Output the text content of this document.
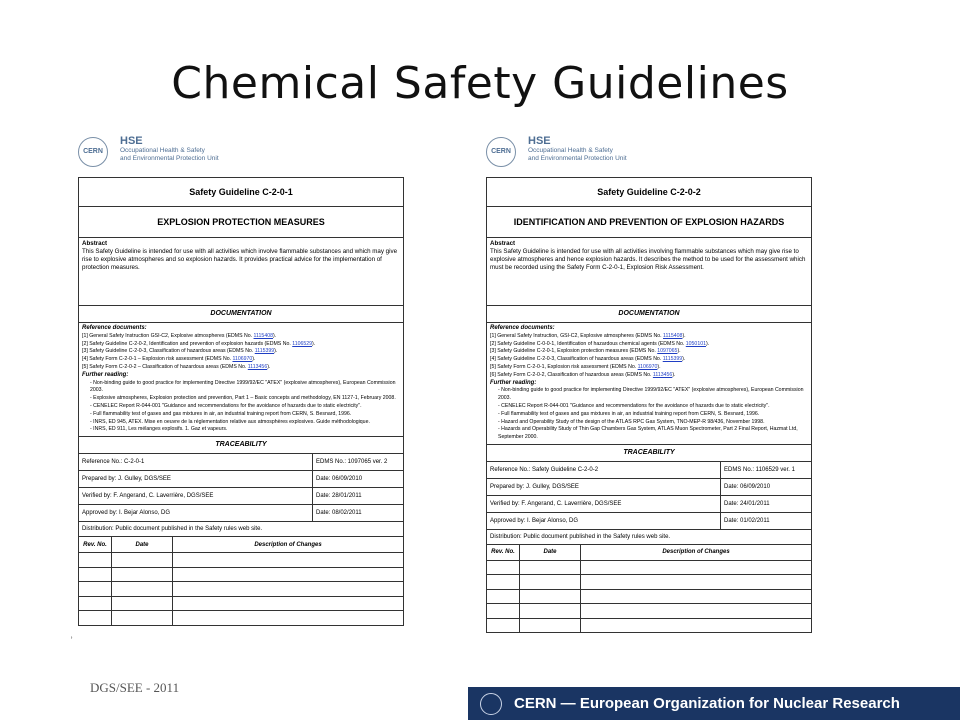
Chemical Safety Guidelines
CERN
HSE
Occupational Health & Safety
and Environmental Protection Unit
Safety Guideline C-2-0-1
EXPLOSION PROTECTION MEASURES
Abstract
This Safety Guideline is intended for use with all activities which involve flammable substances and which may give rise to explosive atmospheres and so explosion hazards. It provides practical advice for the implementation of protection measures.
DOCUMENTATION
Reference documents:
[1] General Safety Instruction GSI-C2, Explosive atmospheres (EDMS No. 1115408).
[2] Safety Guideline C-2-0-2, Identification and prevention of explosion hazards (EDMS No. 1106529).
[3] Safety Guideline C-2-0-3, Classification of hazardous areas (EDMS No. 1115399).
[4] Safety Form C-2-0-1 – Explosion risk assessment (EDMS No. 1106970).
[5] Safety Form C-2-0-2 – Classification of hazardous areas (EDMS No. 1113456).
Further reading:
- Non-binding guide to good practice for implementing Directive 1999/92/EC "ATEX" (explosive atmospheres), European Commission 2003.
- Explosive atmospheres, Explosion protection and prevention, Part 1 – Basic concepts and methodology, EN 1127-1, February 2008.
- CENELEC Report R-044-001 "Guidance and recommendations for the avoidance of hazards due to static electricity".
- Full flammability test of gases and gas mixtures in air, an industrial training report from CERN, S. Besnard, 1996.
- INRS, ED 945, ATEX. Mise en oeuvre de la réglementation relative aux atmosphères explosives. Guide méthodologique.
- INRS, ED 911, Les mélanges explosifs. 1. Gaz et vapeurs.
TRACEABILITY
Reference No.: C-2-0-1	EDMS No.: 1097065 ver. 2
Prepared by: J. Gulley, DGS/SEE	Date: 06/09/2010
Verified by: F. Angerand, C. Laverrière, DGS/SEE	Date: 28/01/2011
Approved by: I. Bejar Alonso, DG	Date: 08/02/2011
Distribution: Public document published in the Safety rules web site.
Rev. No.	Date	Description of Changes

CERN
HSE
Occupational Health & Safety
and Environmental Protection Unit
Safety Guideline C-2-0-2
IDENTIFICATION AND PREVENTION OF EXPLOSION HAZARDS
Abstract
This Safety Guideline is intended for use with all activities involving flammable substances which may give rise to explosive atmospheres and hence explosion hazards. It describes the method to be used for the assessment which must be recorded using the Safety Form C-2-0-1, Explosion Risk Assessment.
DOCUMENTATION
Reference documents:
[1] General Safety Instruction, GSI-C2, Explosive atmospheres (EDMS No. 1115408).
[2] Safety Guideline C-0-0-1, Identification of hazardous chemical agents (EDMS No. 1050101).
[3] Safety Guideline C-2-0-1, Explosion protection measures (EDMS No. 1097065).
[4] Safety Guideline C-2-0-3, Classification of hazardous areas (EDMS No. 1115399).
[5] Safety Form C-2-0-1, Explosion risk assessment (EDMS No. 1106970).
[6] Safety Form C-2-0-2, Classification of hazardous areas (EDMS No. 1113456).
Further reading:
- Non-binding guide to good practice for implementing Directive 1999/92/EC "ATEX" (explosive atmospheres), European Commission 2003.
- CENELEC Report R-044-001 "Guidance and recommendations for the avoidance of hazards due to static electricity".
- Full flammability test of gases and gas mixtures in air, an industrial training report from CERN, S. Besnard, 1996.
- Hazard and Operability Study of the design of the ATLAS RPC Gas System, TNO-MEP-R 98/436, November 1998.
- Hazards and Operability Study of Thin Gap Chambers Gas System, ATLAS Muon Spectrometer, Part 2 Final Report, Hazmat Ltd, September 2000.
TRACEABILITY
Reference No.: Safety Guideline C-2-0-2	EDMS No.: 1106529 ver. 1
Prepared by: J. Gulley, DGS/SEE	Date: 06/09/2010
Verified by: F. Angerand, C. Laverrière, DGS/SEE	Date: 24/01/2011
Approved by: I. Bejar Alonso, DG	Date: 01/02/2011
Distribution: Public document published in the Safety rules web site.
Rev. No.	Date	Description of Changes

ʾ
DGS/SEE - 2011
CERN — European Organization for Nuclear Research
